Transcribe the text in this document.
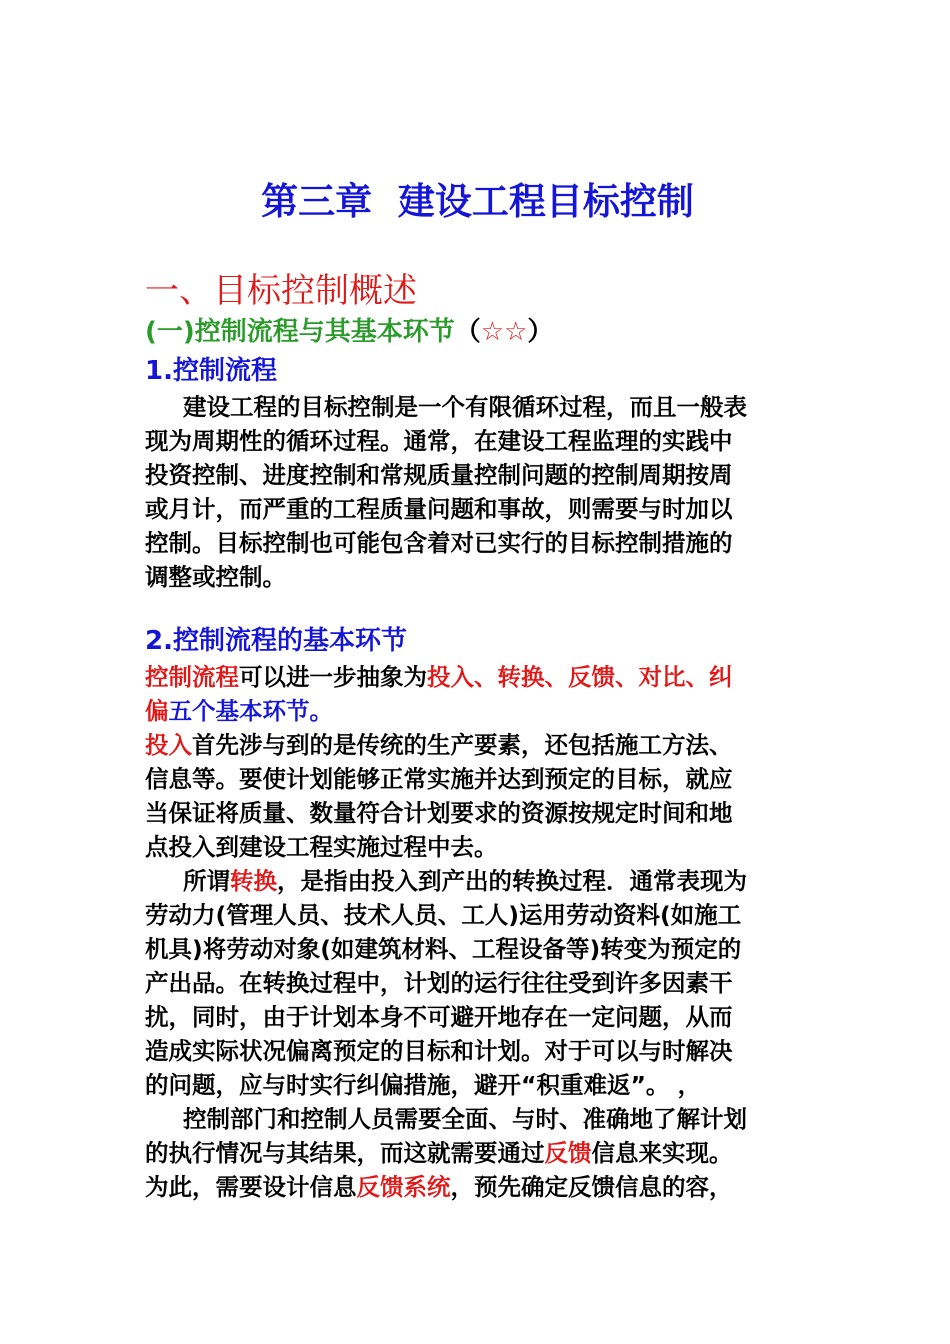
第三章  建设工程目标控制
一、目标控制概述
(一)控制流程与其基本环节（☆☆）
1.控制流程
建设工程的目标控制是一个有限循环过程，而且一般表
现为周期性的循环过程。通常，在建设工程监理的实践中
投资控制、进度控制和常规质量控制问题的控制周期按周
或月计，而严重的工程质量问题和事故，则需要与时加以
控制。目标控制也可能包含着对已实行的目标控制措施的
调整或控制。
2.控制流程的基本环节
控制流程可以进一步抽象为投入、转换、反馈、对比、纠
偏五个基本环节。
投入首先涉与到的是传统的生产要素，还包括施工方法、
信息等。要使计划能够正常实施并达到预定的目标，就应
当保证将质量、数量符合计划要求的资源按规定时间和地
点投入到建设工程实施过程中去。
所谓转换，是指由投入到产出的转换过程．通常表现为
劳动力(管理人员、技术人员、工人)运用劳动资料(如施工
机具)将劳动对象(如建筑材料、工程设备等)转变为预定的
产出品。在转换过程中，计划的运行往往受到许多因素干
扰，同时，由于计划本身不可避开地存在一定问题，从而
造成实际状况偏离预定的目标和计划。对于可以与时解决
的问题，应与时实行纠偏措施，避开“积重难返”。 ，
控制部门和控制人员需要全面、与时、准确地了解计划
的执行情况与其结果，而这就需要通过反馈信息来实现。
为此，需要设计信息反馈系统，预先确定反馈信息的容，
